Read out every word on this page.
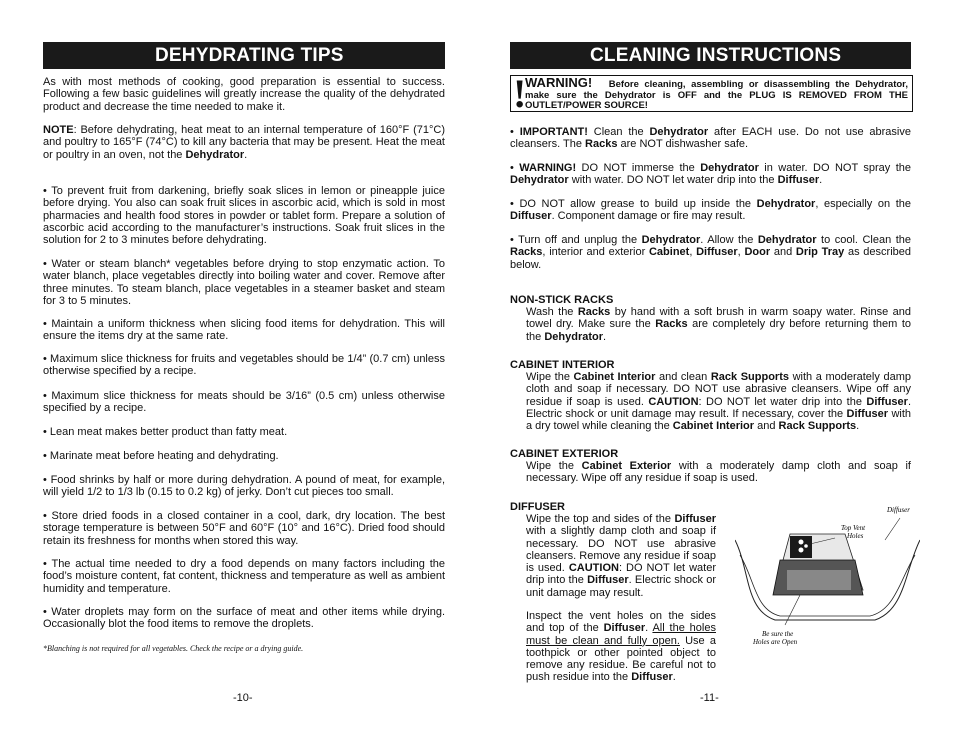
DEHYDRATING TIPS

As with most methods of cooking, good preparation is essential to success. Following a few basic guidelines will greatly increase the quality of the dehydrated product and decrease the time needed to make it.

NOTE: Before dehydrating, heat meat to an internal temperature of 160°F (71°C) and poultry to 165°F (74°C) to kill any bacteria that may be present. Heat the meat or poultry in an oven, not the Dehydrator.

• To prevent fruit from darkening, briefly soak slices in lemon or pineapple juice before drying. You also can soak fruit slices in ascorbic acid, which is sold in most pharmacies and health food stores in powder or tablet form. Prepare a solution of ascorbic acid according to the manufacturer’s instructions. Soak fruit slices in the solution for 2 to 3 minutes before dehydrating.

• Water or steam blanch* vegetables before drying to stop enzymatic action. To water blanch, place vegetables directly into boiling water and cover. Remove after three minutes. To steam blanch, place vegetables in a steamer basket and steam for 3 to 5 minutes.

• Maintain a uniform thickness when slicing food items for dehydration. This will ensure the items dry at the same rate.

• Maximum slice thickness for fruits and vegetables should be 1/4” (0.7 cm) unless otherwise specified by a recipe.

• Maximum slice thickness for meats should be 3/16” (0.5 cm) unless otherwise specified by a recipe.

• Lean meat makes better product than fatty meat.

• Marinate meat before heating and dehydrating.

• Food shrinks by half or more during dehydration. A pound of meat, for example, will yield 1/2 to 1/3 lb (0.15 to 0.2 kg) of jerky. Don’t cut pieces too small.

• Store dried foods in a closed container in a cool, dark, dry location. The best storage temperature is between 50°F and 60°F (10° and 16°C). Dried food should retain its freshness for months when stored this way.

• The actual time needed to dry a food depends on many factors including the food’s moisture content, fat content, thickness and temperature as well as ambient humidity and temperature.

• Water droplets may form on the surface of meat and other items while drying. Occasionally blot the food items to remove the droplets.

*Blanching is not required for all vegetables. Check the recipe or a drying guide.
-10-
CLEANING INSTRUCTIONS
!
WARNING! Before cleaning, assembling or disassembling the Dehydrator, make sure the Dehydrator is OFF and the PLUG IS REMOVED FROM THE OUTLET/POWER SOURCE!

• IMPORTANT! Clean the Dehydrator after EACH use. Do not use abrasive cleansers. The Racks are NOT dishwasher safe.

• WARNING! DO NOT immerse the Dehydrator in water. DO NOT spray the Dehydrator with water. DO NOT let water drip into the Diffuser.

• DO NOT allow grease to build up inside the Dehydrator, especially on the Diffuser. Component damage or fire may result.

• Turn off and unplug the Dehydrator. Allow the Dehydrator to cool. Clean the Racks, interior and exterior Cabinet, Diffuser, Door and Drip Tray as described below.

NON-STICK RACKS

Wash the Racks by hand with a soft brush in warm soapy water. Rinse and towel dry. Make sure the Racks are completely dry before returning them to the Dehydrator.

CABINET INTERIOR

Wipe the Cabinet Interior and clean Rack Supports with a moderately damp cloth and soap if necessary. DO NOT use abrasive cleansers. Wipe off any residue if soap is used. CAUTION: DO NOT let water drip into the Diffuser. Electric shock or unit damage may result. If necessary, cover the Diffuser with a dry towel while cleaning the Cabinet Interior and Rack Supports.

CABINET EXTERIOR

Wipe the Cabinet Exterior with a moderately damp cloth and soap if necessary. Wipe off any residue if soap is used.

DIFFUSER

Wipe the top and sides of the Diffuser with a slightly damp cloth and soap if necessary. DO NOT use abrasive cleansers. Remove any residue if soap is used. CAUTION: DO NOT let water drip into the Diffuser. Electric shock or unit damage may result.

Inspect the vent holes on the sides and top of the Diffuser. All the holes must be clean and fully open. Use a toothpick or other pointed object to remove any residue. Be careful not to push residue into the Diffuser.

Diffuser
Top Vent
Holes
Be sure the
Holes are Open
-11-
